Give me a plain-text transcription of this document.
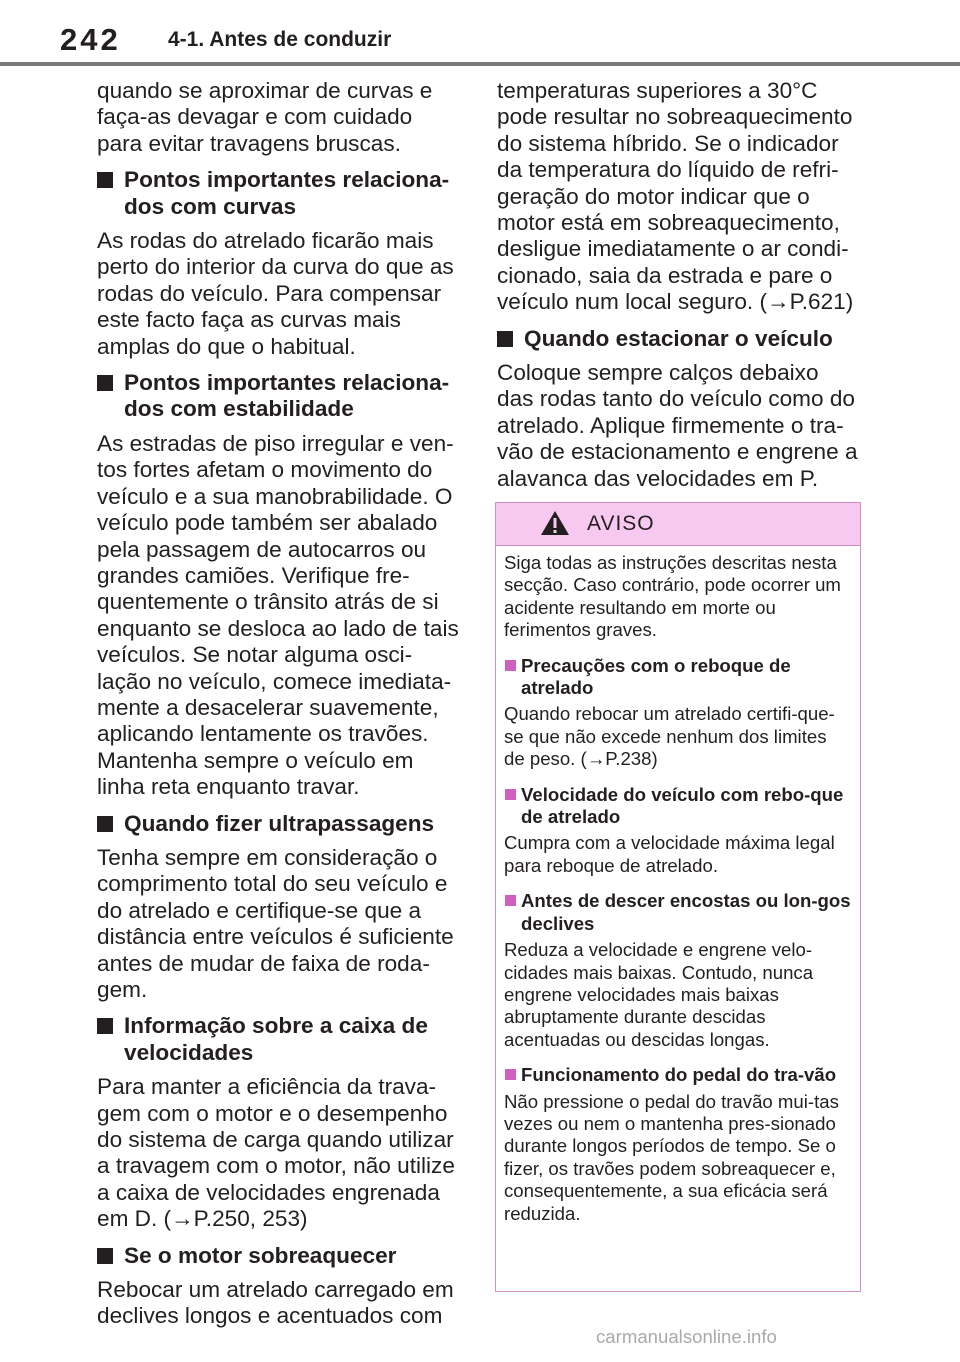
242 4-1. Antes de conduzir

quando se aproximar de curvas e faça-as devagar e com cuidado para evitar travagens bruscas.

Pontos importantes relaciona-dos com curvas

As rodas do atrelado ficarão mais perto do interior da curva do que as rodas do veículo. Para compensar este facto faça as curvas mais amplas do que o habitual.

Pontos importantes relaciona-dos com estabilidade

As estradas de piso irregular e ven-tos fortes afetam o movimento do veículo e a sua manobrabilidade. O veículo pode também ser abalado pela passagem de autocarros ou grandes camiões. Verifique fre-quentemente o trânsito atrás de si enquanto se desloca ao lado de tais veículos. Se notar alguma osci-lação no veículo, comece imediata-mente a desacelerar suavemente, aplicando lentamente os travões. Mantenha sempre o veículo em linha reta enquanto travar.

Quando fizer ultrapassagens

Tenha sempre em consideração o comprimento total do seu veículo e do atrelado e certifique-se que a distância entre veículos é suficiente antes de mudar de faixa de roda-gem.

Informação sobre a caixa de velocidades

Para manter a eficiência da trava-gem com o motor e o desempenho do sistema de carga quando utilizar a travagem com o motor, não utilize a caixa de velocidades engrenada em D. (→P.250, 253)

Se o motor sobreaquecer

Rebocar um atrelado carregado em declives longos e acentuados com

temperaturas superiores a 30°C pode resultar no sobreaquecimento do sistema híbrido. Se o indicador da temperatura do líquido de refri-geração do motor indicar que o motor está em sobreaquecimento, desligue imediatamente o ar condi-cionado, saia da estrada e pare o veículo num local seguro. (→P.621)

Quando estacionar o veículo

Coloque sempre calços debaixo das rodas tanto do veículo como do atrelado. Aplique firmemente o tra-vão de estacionamento e engrene a alavanca das velocidades em P.

AVISO

Siga todas as instruções descritas nesta secção. Caso contrário, pode ocorrer um acidente resultando em morte ou ferimentos graves.

Precauções com o reboque de atrelado

Quando rebocar um atrelado certifi-que-se que não excede nenhum dos limites de peso. (→P.238)

Velocidade do veículo com rebo-que de atrelado

Cumpra com a velocidade máxima legal para reboque de atrelado.

Antes de descer encostas ou lon-gos declives

Reduza a velocidade e engrene velo-cidades mais baixas. Contudo, nunca engrene velocidades mais baixas abruptamente durante descidas acentuadas ou descidas longas.

Funcionamento do pedal do tra-vão

Não pressione o pedal do travão mui-tas vezes ou nem o mantenha pres-sionado durante longos períodos de tempo. Se o fizer, os travões podem sobreaquecer e, consequentemente, a sua eficácia será reduzida.

carmanualsonline.info
